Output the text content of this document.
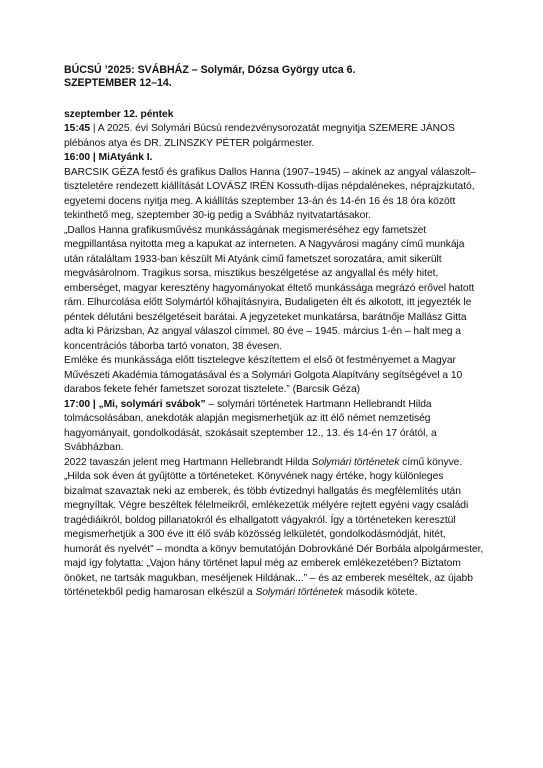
BÚCSÚ ’2025: SVÁBHÁZ – Solymár, Dózsa György utca 6.

SZEPTEMBER 12–14.

szeptember 12. péntek

15:45 | A 2025. évi Solymári Búcsú rendezvénysorozatát megnyitja SZEMERE JÁNOS plébános atya és DR. ZLINSZKY PÉTER polgármester.

16:00 | MiAtyánk I.

BARCSIK GÉZA festő és grafikus Dallos Hanna (1907–1945) – akinek az angyal válaszolt– tiszteletére rendezett kiállítását LOVÁSZ IRÉN Kossuth-díjas népdalénekes, néprajzkutató, egyetemi docens nyitja meg. A kiállítás szeptember 13-án és 14-én 16 és 18 óra között tekinthető meg, szeptember 30-ig pedig a Svábház nyitvatartásakor.

„Dallos Hanna grafikusművész munkásságának megismeréséhez egy fametszet megpillantása nyitotta meg a kapukat az interneten. A Nagyvárosi magány című munkája után rátaláltam 1933-ban készült Mi Atyánk című fametszet sorozatára, amit sikerült megvásárolnom. Tragikus sorsa, misztikus beszélgetése az angyallal és mély hitet, emberséget, magyar keresztény hagyományokat éltető munkássága megrázó erővel hatott rám. Elhurcolása előtt Solymártól kőhajításnyira, Budaligeten élt és alkotott, itt jegyezték le péntek délutáni beszélgetéseit barátai. A jegyzeteket munkatársa, barátnője Mallász Gitta adta ki Párizsban, Az angyal válaszol címmel. 80 éve – 1945. március 1-én – halt meg a koncentrációs táborba tartó vonaton, 38 évesen.

Emléke és munkássága előtt tisztelegve készítettem el első öt festményemet a Magyar Művészeti Akadémia támogatásával és a Solymári Golgota Alapítvány segítségével a 10 darabos fekete fehér fametszet sorozat tisztelete.” (Barcsik Géza)

17:00 | „Mi, solymári svábok” – solymári történetek Hartmann Hellebrandt Hilda tolmácsolásában, anekdoták alapján megismerhetjük az itt élő német nemzetiség hagyományait, gondolkodását, szokásait szeptember 12., 13. és 14-én 17 órától, a Svábházban.

2022 tavaszán jelent meg Hartmann Hellebrandt Hilda Solymári történetek című könyve. „Hilda sok éven át gyűjtötte a történeteket. Könyvének nagy értéke, hogy különleges bizalmat szavaztak neki az emberek, és több évtizednyi hallgatás és megfélemlítés után megnyíltak. Végre beszéltek félelmeikről, emlékezetük mélyére rejtett egyéni vagy családi tragédiáikról, boldog pillanatokról és elhallgatott vágyakról. Így a történeteken keresztül megismerhetjük a 300 éve itt élő sváb közösség lelkületét, gondolkodásmódját, hitét, humorát és nyelvét” – mondta a könyv bemutatóján Dobrovkáné Dér Borbála alpolgármester, majd így folytatta: „Vajon hány történet lapul még az emberek emlékezetében? Biztatom önöket, ne tartsák magukban, meséljenek Hildának...” – és az emberek meséltek, az újabb történetekből pedig hamarosan elkészül a Solymári történetek második kötete.
